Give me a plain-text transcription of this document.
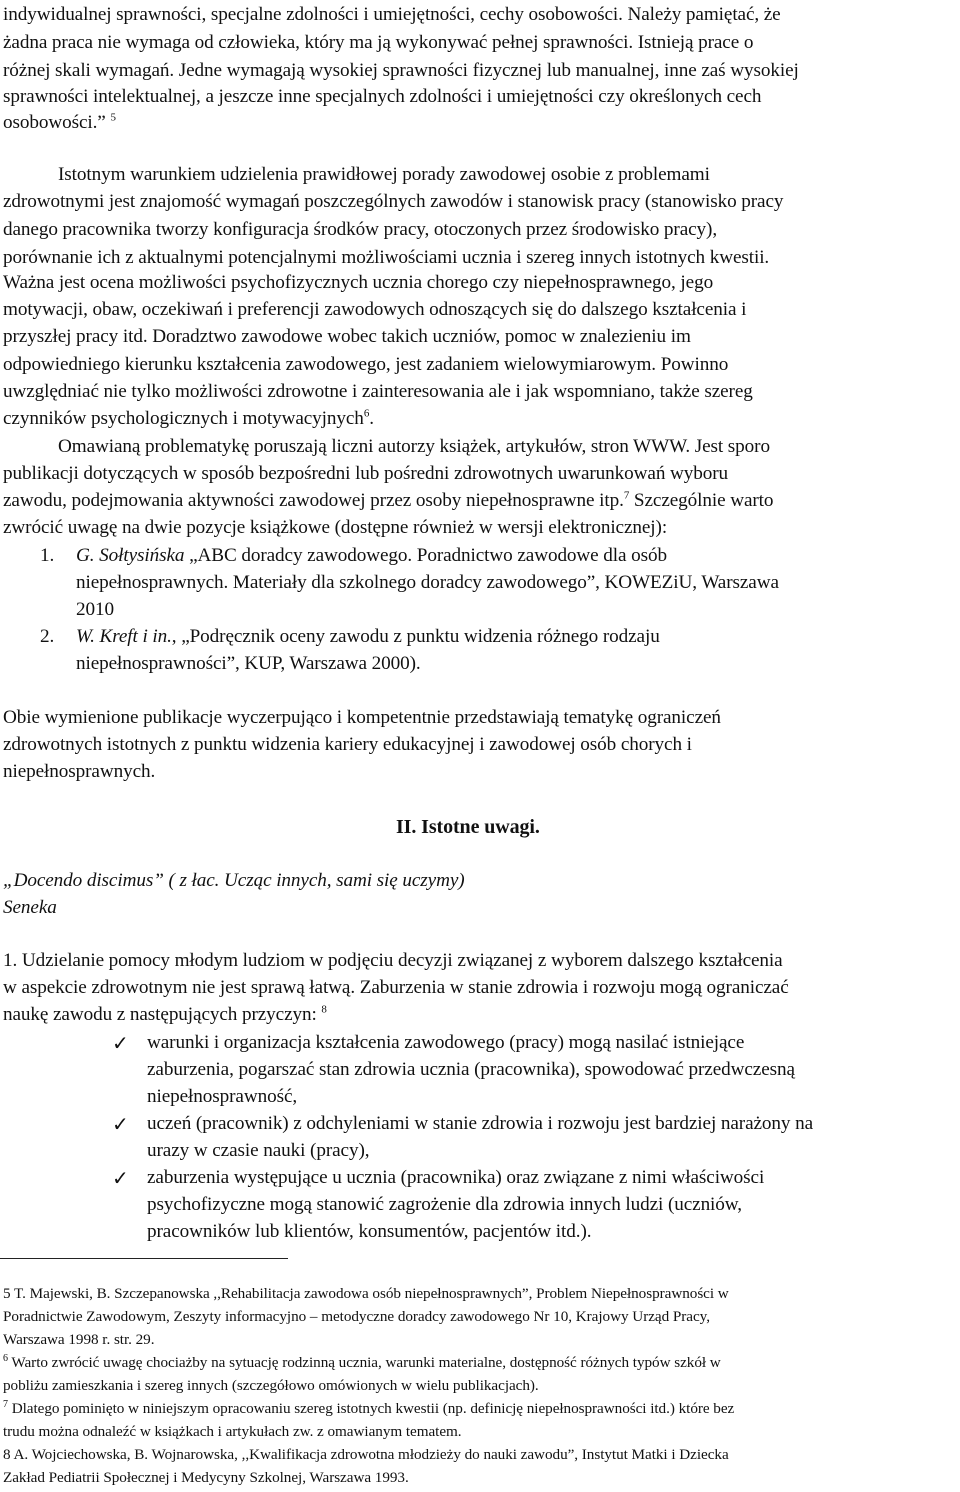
indywidualnej sprawności, specjalne zdolności i umiejętności, cechy osobowości. Należy pamiętać, że
żadna praca nie wymaga od człowieka, który ma ją wykonywać pełnej sprawności. Istnieją prace o
różnej skali wymagań. Jedne wymagają wysokiej sprawności fizycznej lub manualnej, inne zaś wysokiej
sprawności intelektualnej, a jeszcze inne specjalnych zdolności i umiejętności czy określonych cech
osobowości.” $^5$
Istotnym warunkiem udzielenia prawidłowej porady zawodowej osobie z problemami
zdrowotnymi jest znajomość wymagań poszczególnych zawodów i stanowisk pracy (stanowisko pracy
danego pracownika tworzy konfiguracja środków pracy, otoczonych przez środowisko pracy),
porównanie ich z aktualnymi potencjalnymi możliwościami ucznia i szereg innych istotnych kwestii.
Ważna jest ocena możliwości psychofizycznych ucznia chorego czy niepełnosprawnego, jego
motywacji, obaw, oczekiwań i preferencji zawodowych odnoszących się do dalszego kształcenia i
przyszłej pracy itd. Doradztwo zawodowe wobec takich uczniów, pomoc w znalezieniu im
odpowiedniego kierunku kształcenia zawodowego, jest zadaniem wielowymiarowym. Powinno
uwzględniać nie tylko możliwości zdrowotne i zainteresowania ale i jak wspomniano, także szereg
czynników psychologicznych i motywacyjnych$^6$.
Omawianą problematykę poruszają liczni autorzy książek, artykułów, stron WWW. Jest sporo
publikacji dotyczących w sposób bezpośredni lub pośredni zdrowotnych uwarunkowań wyboru
zawodu, podejmowania aktywności zawodowej przez osoby niepełnosprawne itp.$^7$ Szczególnie warto
zwrócić uwagę na dwie pozycje książkowe (dostępne również w wersji elektronicznej):
1. G. Sołtysińska „ABC doradcy zawodowego. Poradnictwo zawodowe dla osób
niepełnosprawnych. Materiały dla szkolnego doradcy zawodowego”, KOWEZiU, Warszawa
2010
2. W. Kreft i in., „Podręcznik oceny zawodu z punktu widzenia różnego rodzaju
niepełnosprawności”, KUP, Warszawa 2000).
Obie wymienione publikacje wyczerpująco i kompetentnie przedstawiają tematykę ograniczeń
zdrowotnych istotnych z punktu widzenia kariery edukacyjnej i zawodowej osób chorych i
niepełnosprawnych.
II. Istotne uwagi.
„Docendo discimus” ( z łac. Ucząc innych, sami się uczymy)
Seneka
1. Udzielanie pomocy młodym ludziom w podjęciu decyzji związanej z wyborem dalszego kształcenia
w aspekcie zdrowotnym nie jest sprawą łatwą. Zaburzenia w stanie zdrowia i rozwoju mogą ograniczać
naukę zawodu z następujących przyczyn: $^8$
✓ warunki i organizacja kształcenia zawodowego (pracy) mogą nasilać istniejące
zaburzenia, pogarszać stan zdrowia ucznia (pracownika), spowodować przedwczesną
niepełnosprawność,
✓ uczeń (pracownik) z odchyleniami w stanie zdrowia i rozwoju jest bardziej narażony na
urazy w czasie nauki (pracy),
✓ zaburzenia występujące u ucznia (pracownika) oraz związane z nimi właściwości
psychofizyczne mogą stanowić zagrożenie dla zdrowia innych ludzi (uczniów,
pracowników lub klientów, konsumentów, pacjentów itd.).
5 T. Majewski, B. Szczepanowska ,,Rehabilitacja zawodowa osób niepełnosprawnych”, Problem Niepełnosprawności w
Poradnictwie Zawodowym, Zeszyty informacyjno – metodyczne doradcy zawodowego Nr 10, Krajowy Urząd Pracy,
Warszawa 1998 r. str. 29.
$^6$ Warto zwrócić uwagę chociażby na sytuację rodzinną ucznia, warunki materialne, dostępność różnych typów szkół w
pobliżu zamieszkania i szereg innych (szczegółowo omówionych w wielu publikacjach).
$^7$ Dlatego pominięto w niniejszym opracowaniu szereg istotnych kwestii (np. definicję niepełnosprawności itd.) które bez
trudu można odnaleźć w książkach i artykułach zw. z omawianym tematem.
8 A. Wojciechowska, B. Wojnarowska, ,,Kwalifikacja zdrowotna młodzieży do nauki zawodu”, Instytut Matki i Dziecka
Zakład Pediatrii Społecznej i Medycyny Szkolnej, Warszawa 1993.
